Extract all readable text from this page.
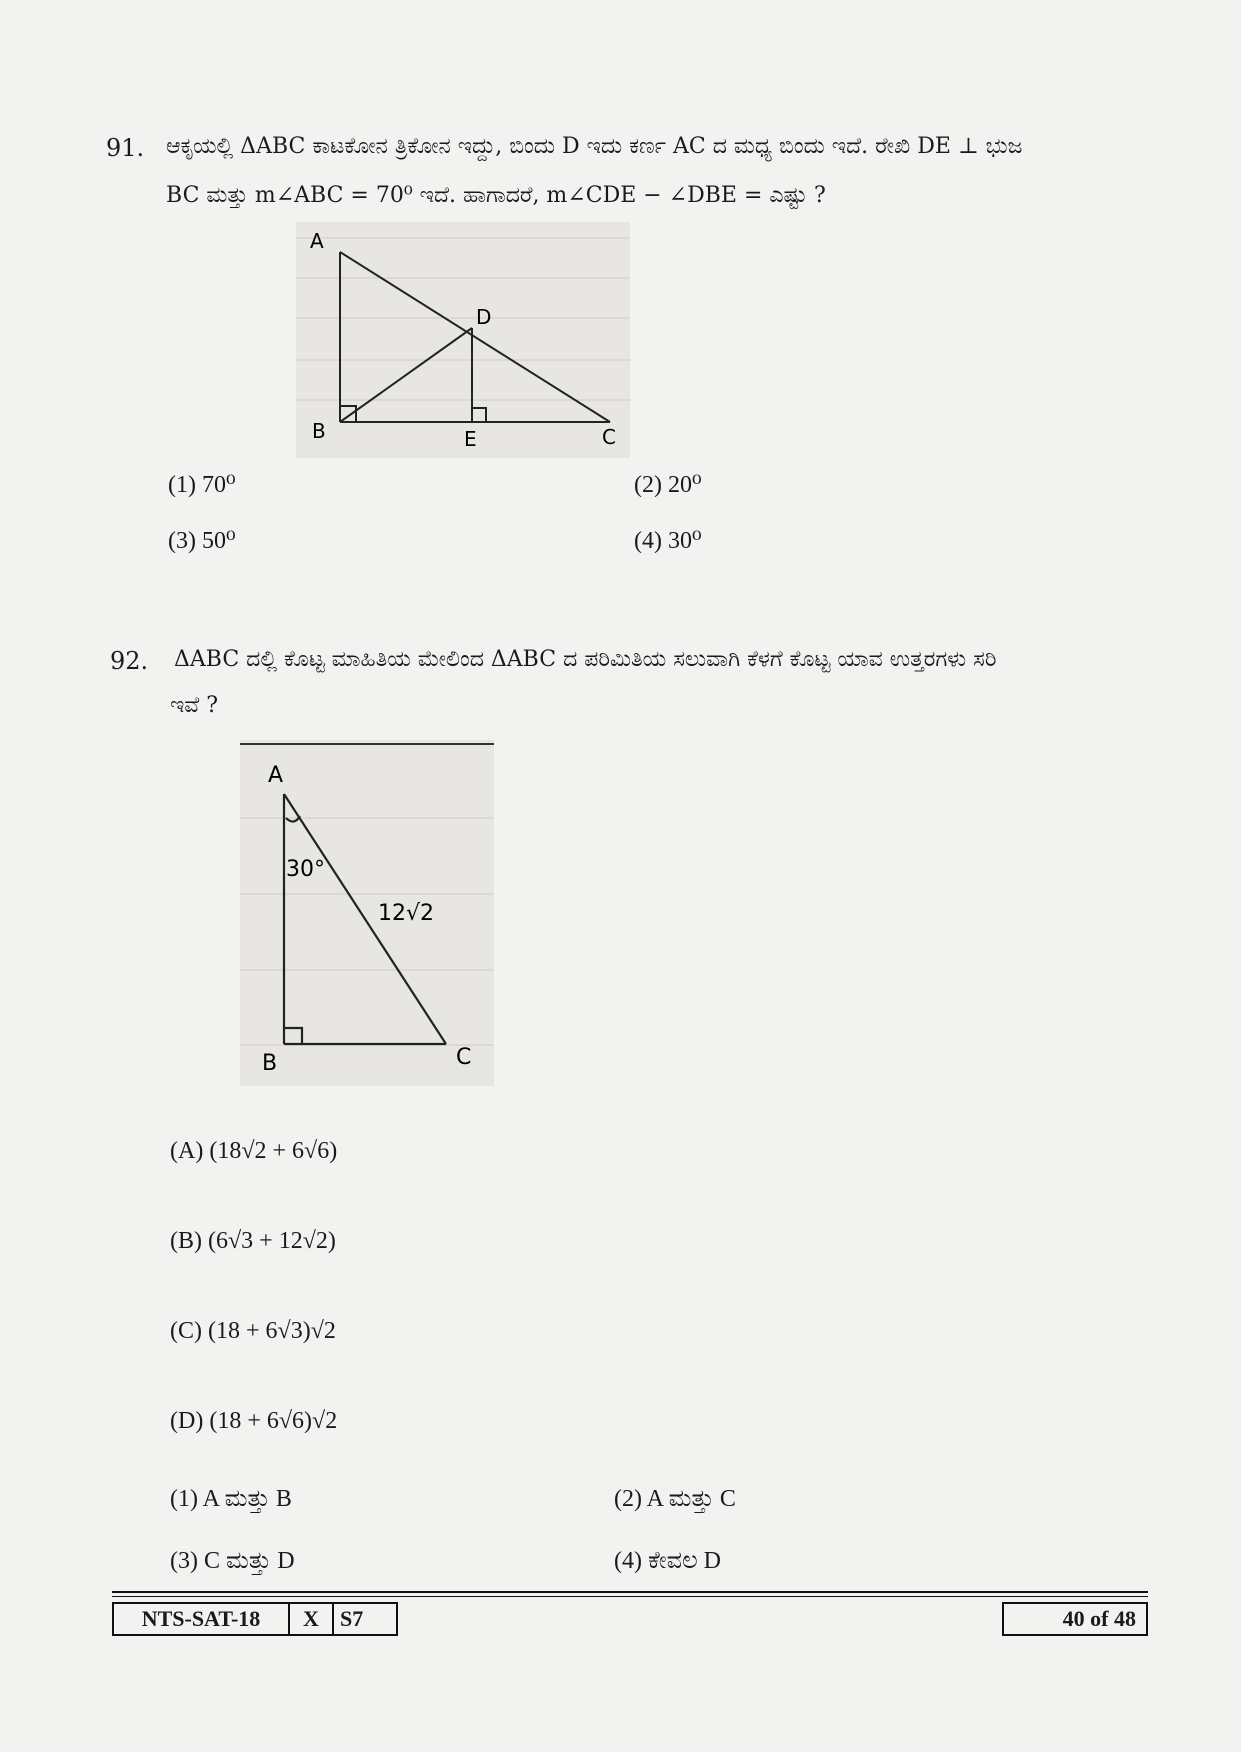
91. ಆಕೃಯಲ್ಲಿ ΔABC ಕಾಟಕೋನ ತ್ರಿಕೋನ ಇದ್ದು, ಬಿಂದು D ಇದು ಕರ್ಣ AC ದ ಮಧ್ಯ ಬಿಂದು ಇದೆ. ರೇಖಿ DE ⊥ ಭುಜ
BC ಮತ್ತು m∠ABC = 70⁰ ಇದೆ. ಹಾಗಾದರೆ, m∠CDE − ∠DBE = ಎಷ್ಟು ?
A
B	C
D
E
(1) 70⁰	(2) 20⁰
(3) 50⁰	(4) 30⁰
92. ΔABC ದಲ್ಲಿ ಕೊಟ್ಟ ಮಾಹಿತಿಯ ಮೇಲಿಂದ ΔABC ದ ಪರಿಮಿತಿಯ ಸಲುವಾಗಿ ಕೆಳಗೆ ಕೊಟ್ಟ ಯಾವ ಉತ್ತರಗಳು ಸರಿ
ಇವೆ ?
A
B	C
30°
12√2
(A) (18√2 + 6√6)
(B) (6√3 + 12√2)
(C) (18 + 6√3)√2
(D) (18 + 6√6)√2
(1) A ಮತ್ತು B	(2) A ಮತ್ತು C
(3) C ಮತ್ತು D	(4) ಕೇವಲ D
NTS-SAT-18	X S7	40 of 48
